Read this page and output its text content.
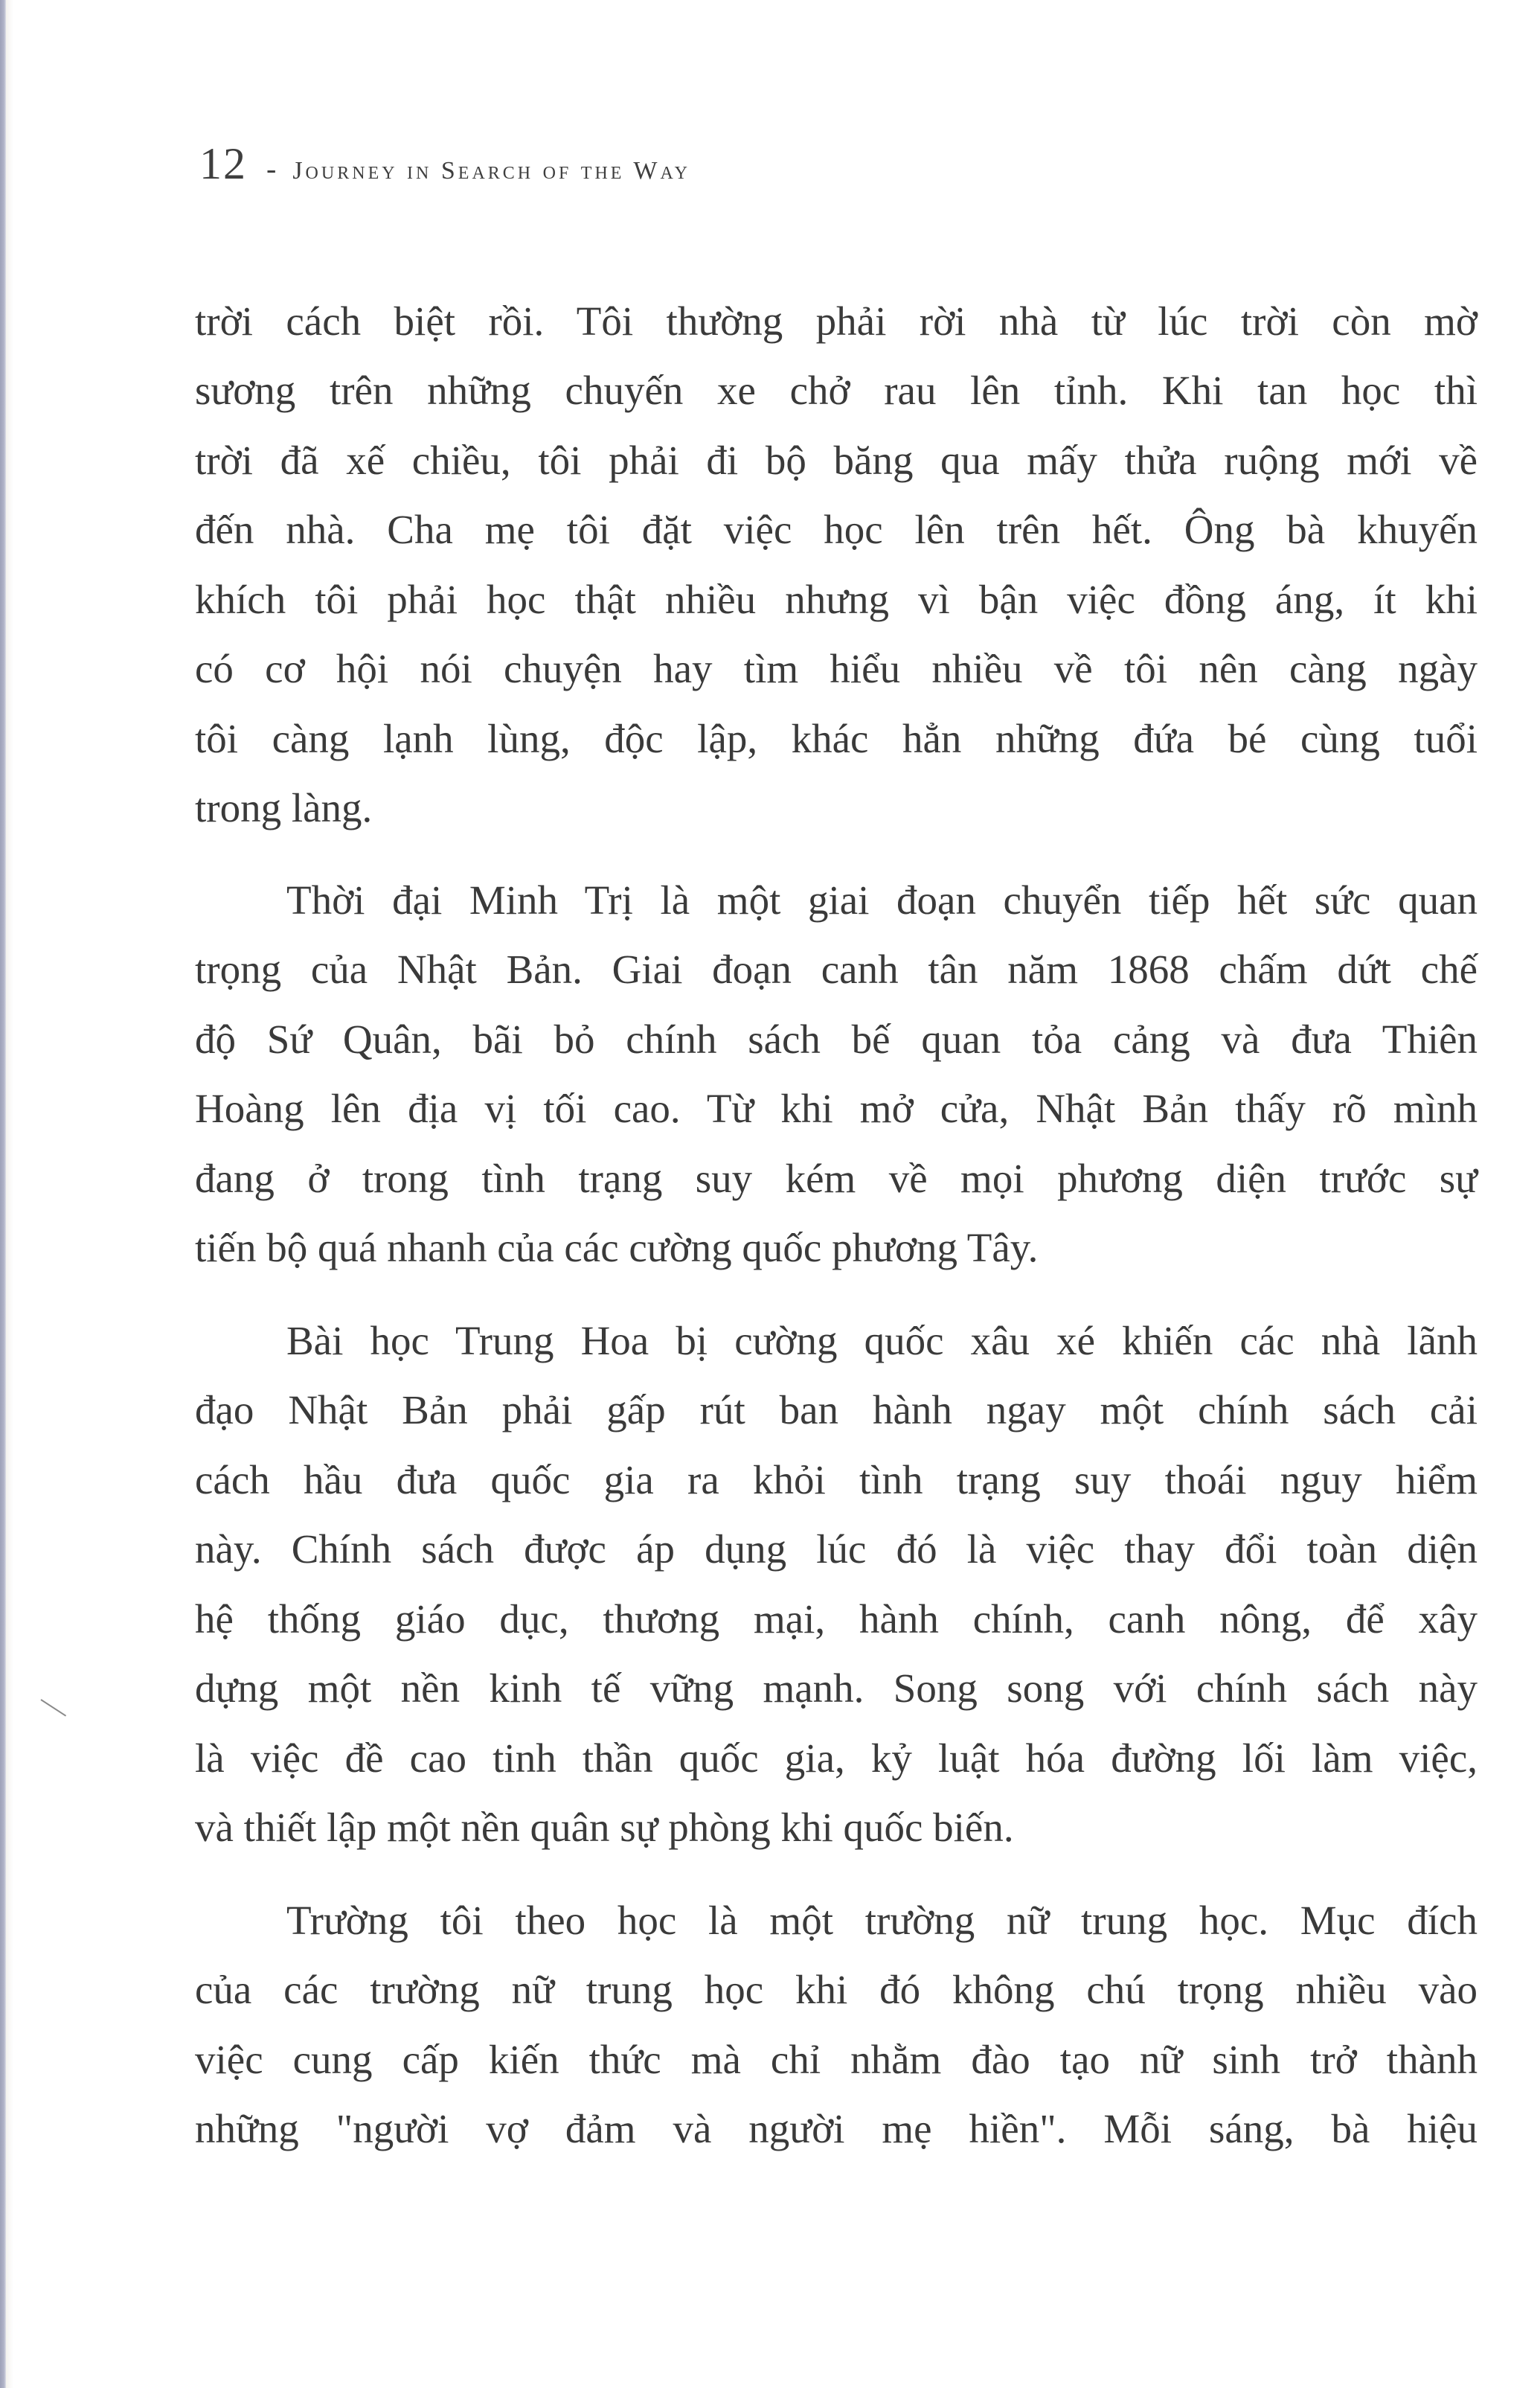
12 - Journey in Search of the Way
trời cách biệt rồi. Tôi thường phải rời nhà từ lúc trời còn mờ
sương trên những chuyến xe chở rau lên tỉnh. Khi tan học thì
trời đã xế chiều, tôi phải đi bộ băng qua mấy thửa ruộng mới về
đến nhà. Cha mẹ tôi đặt việc học lên trên hết. Ông bà khuyến
khích tôi phải học thật nhiều nhưng vì bận việc đồng áng, ít khi
có cơ hội nói chuyện hay tìm hiểu nhiều về tôi nên càng ngày
tôi càng lạnh lùng, độc lập, khác hẳn những đứa bé cùng tuổi
trong làng.
Thời đại Minh Trị là một giai đoạn chuyển tiếp hết sức quan
trọng của Nhật Bản. Giai đoạn canh tân năm 1868 chấm dứt chế
độ Sứ Quân, bãi bỏ chính sách bế quan tỏa cảng và đưa Thiên
Hoàng lên địa vị tối cao. Từ khi mở cửa, Nhật Bản thấy rõ mình
đang ở trong tình trạng suy kém về mọi phương diện trước sự
tiến bộ quá nhanh của các cường quốc phương Tây.
Bài học Trung Hoa bị cường quốc xâu xé khiến các nhà lãnh
đạo Nhật Bản phải gấp rút ban hành ngay một chính sách cải
cách hầu đưa quốc gia ra khỏi tình trạng suy thoái nguy hiểm
này. Chính sách được áp dụng lúc đó là việc thay đổi toàn diện
hệ thống giáo dục, thương mại, hành chính, canh nông, để xây
dựng một nền kinh tế vững mạnh. Song song với chính sách này
là việc đề cao tinh thần quốc gia, kỷ luật hóa đường lối làm việc,
và thiết lập một nền quân sự phòng khi quốc biến.
Trường tôi theo học là một trường nữ trung học. Mục đích
của các trường nữ trung học khi đó không chú trọng nhiều vào
việc cung cấp kiến thức mà chỉ nhằm đào tạo nữ sinh trở thành
những "người vợ đảm và người mẹ hiền". Mỗi sáng, bà hiệu
